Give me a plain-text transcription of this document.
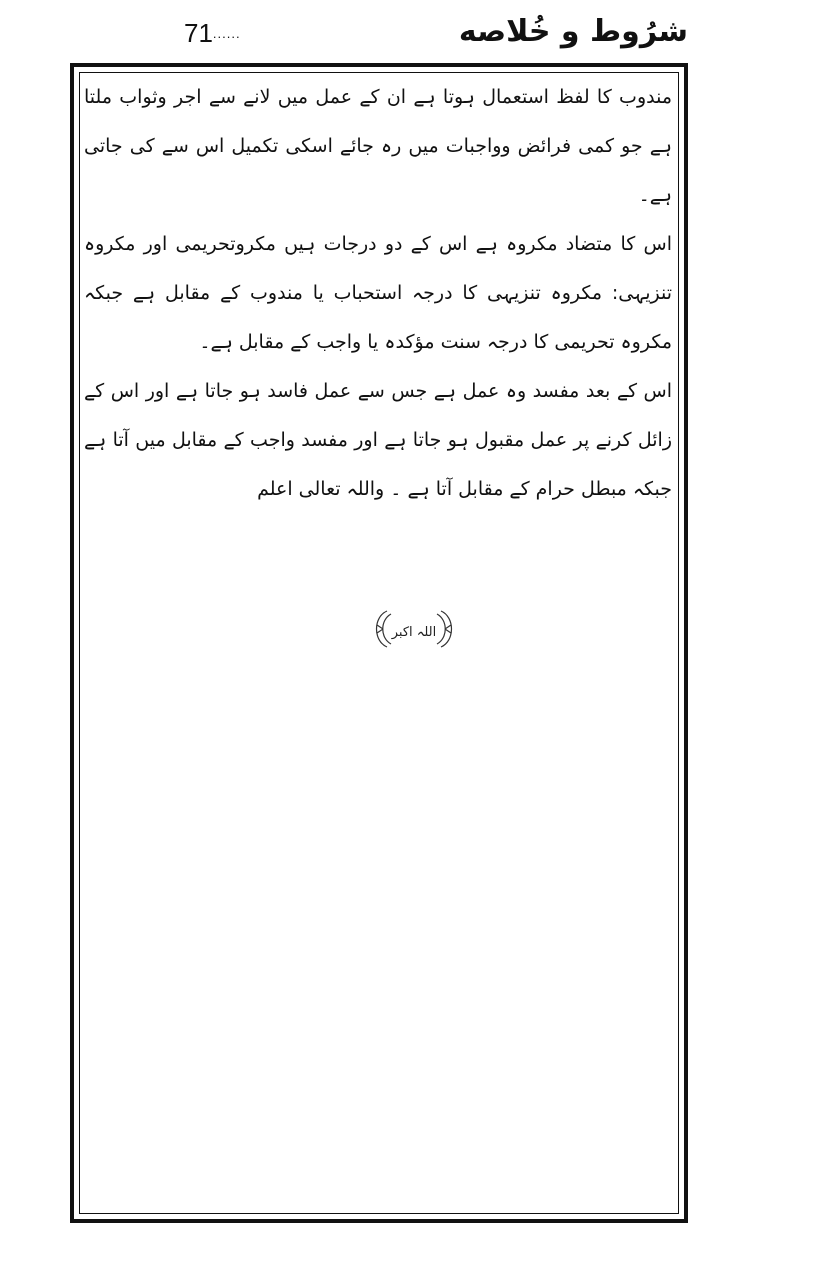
71......	شرُوط و خُلاصه

مندوب کا لفظ استعمال ہوتا ہے ان کے عمل میں لانے سے اجر وثواب ملتا ہے جو کمی فرائض وواجبات میں رہ جائے اسکی تکمیل اس سے کی جاتی ہے۔

اس کا متضاد مکروہ ہے اس کے دو درجات ہیں مکروتحریمی اور مکروہ تنزیہی: مکروہ تنزیہی کا درجہ استحباب یا مندوب کے مقابل ہے جبکہ مکروہ تحریمی کا درجہ سنت مؤکدہ یا واجب کے مقابل ہے۔

اس کے بعد مفسد وہ عمل ہے جس سے عمل فاسد ہو جاتا ہے اور اس کے زائل کرنے پر عمل مقبول ہو جاتا ہے اور مفسد واجب کے مقابل میں آتا ہے جبکہ مبطل حرام کے مقابل آتا ہے ۔ واللہ تعالی اعلم

اللہ اکبر
